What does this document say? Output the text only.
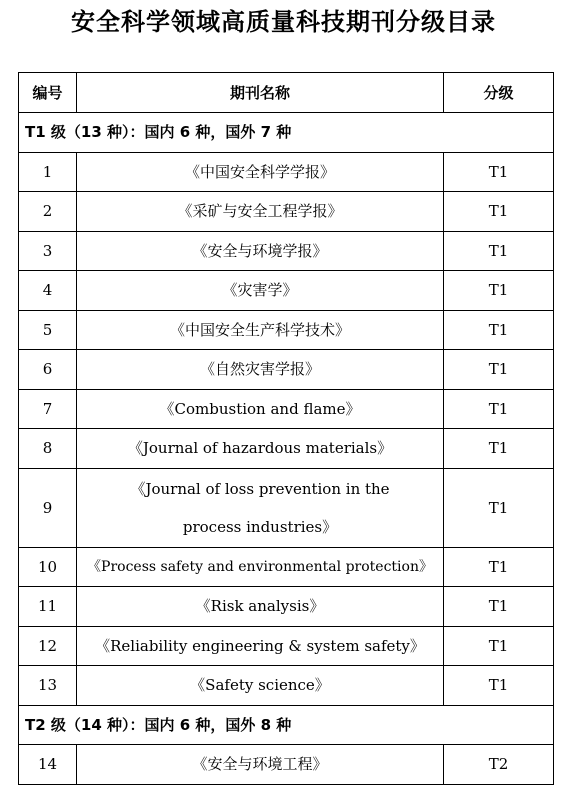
安全科学领域高质量科技期刊分级目录
编号	期刊名称	分级
T1 级（13 种）：国内 6 种，国外 7 种		
1	《中国安全科学学报》	T1
2	《采矿与安全工程学报》	T1
3	《安全与环境学报》	T1
4	《灾害学》	T1
5	《中国安全生产科学技术》	T1
6	《自然灾害学报》	T1
7	《Combustion and flame》	T1
8	《Journal of hazardous materials》	T1
9	《Journal of loss prevention in the process industries》	T1
10	《Process safety and environmental protection》	T1
11	《Risk analysis》	T1
12	《Reliability engineering & system safety》	T1
13	《Safety science》	T1
T2 级（14 种）：国内 6 种，国外 8 种		
14	《安全与环境工程》	T2
